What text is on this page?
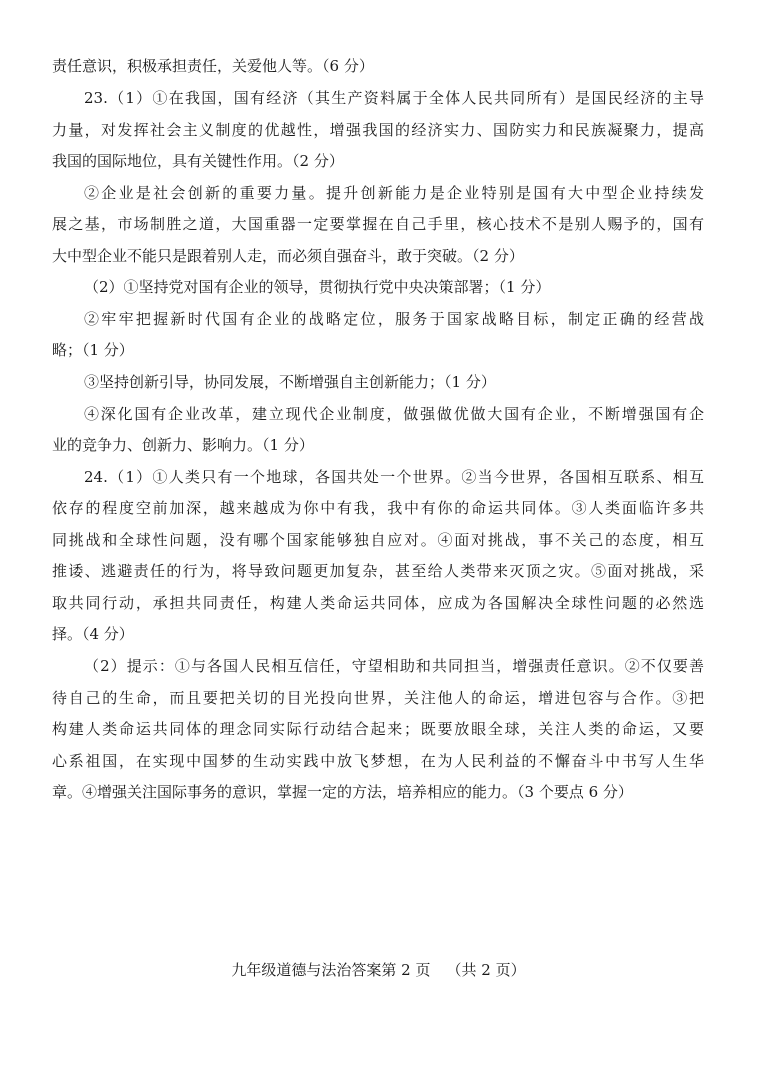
责任意识，积极承担责任，关爱他人等。（6 分）
23.（1）①在我国，国有经济（其生产资料属于全体人民共同所有）是国民经济的主导
力量，对发挥社会主义制度的优越性，增强我国的经济实力、国防实力和民族凝聚力，提高
我国的国际地位，具有关键性作用。（2 分）
②企业是社会创新的重要力量。提升创新能力是企业特别是国有大中型企业持续发
展之基，市场制胜之道，大国重器一定要掌握在自己手里，核心技术不是别人赐予的，国有
大中型企业不能只是跟着别人走，而必须自强奋斗，敢于突破。（2 分）
（2）①坚持党对国有企业的领导，贯彻执行党中央决策部署；（1 分）
②牢牢把握新时代国有企业的战略定位，服务于国家战略目标，制定正确的经营战
略；（1 分）
③坚持创新引导，协同发展，不断增强自主创新能力；（1 分）
④深化国有企业改革，建立现代企业制度，做强做优做大国有企业，不断增强国有企
业的竞争力、创新力、影响力。（1 分）
24.（1）①人类只有一个地球，各国共处一个世界。②当今世界，各国相互联系、相互
依存的程度空前加深，越来越成为你中有我，我中有你的命运共同体。③人类面临许多共
同挑战和全球性问题，没有哪个国家能够独自应对。④面对挑战，事不关己的态度，相互
推诿、逃避责任的行为，将导致问题更加复杂，甚至给人类带来灭顶之灾。⑤面对挑战，采
取共同行动，承担共同责任，构建人类命运共同体，应成为各国解决全球性问题的必然选
择。（4 分）
（2）提示：①与各国人民相互信任，守望相助和共同担当，增强责任意识。②不仅要善
待自己的生命，而且要把关切的目光投向世界，关注他人的命运，增进包容与合作。③把
构建人类命运共同体的理念同实际行动结合起来；既要放眼全球，关注人类的命运，又要
心系祖国，在实现中国梦的生动实践中放飞梦想，在为人民利益的不懈奋斗中书写人生华
章。④增强关注国际事务的意识，掌握一定的方法，培养相应的能力。（3 个要点 6 分）
九年级道德与法治答案第 2 页 （共 2 页）
